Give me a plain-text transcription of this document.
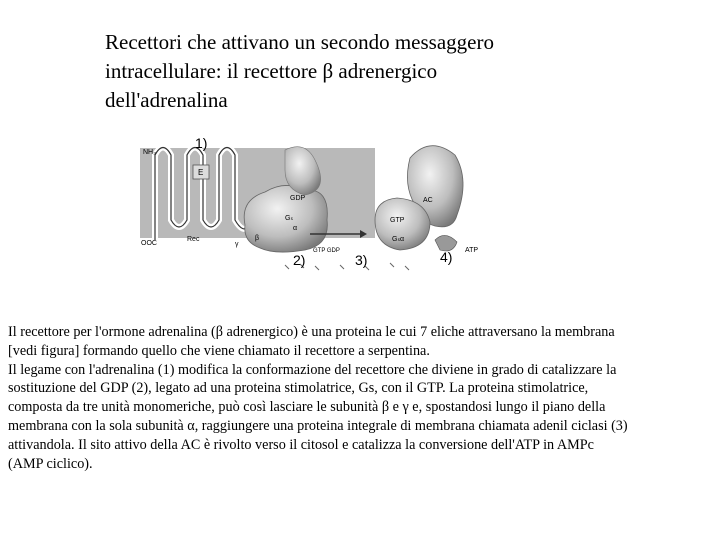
Recettori che attivano un secondo messaggero
intracellulare: il recettore β adrenergico
dell'adrenalina
1)
2)	3)	4)
NH₃
E
OOC
Rec
GDP
Gₛ
α
β
γ
GTP GDP
AC
GTP
Gₛα
ATP
Il recettore per l'ormone adrenalina (β adrenergico) è una proteina le cui 7 eliche attraversano la membrana
[vedi figura] formando quello che viene chiamato il recettore a serpentina.
Il legame con l'adrenalina (1) modifica la conformazione del recettore che diviene in grado di catalizzare la
sostituzione del GDP (2), legato ad una proteina stimolatrice, Gs, con il GTP. La proteina stimolatrice,
composta da tre unità monomeriche, può così lasciare le subunità β e γ e, spostandosi lungo il piano della
membrana con la sola subunità α, raggiungere una proteina integrale di membrana chiamata adenil ciclasi (3)
attivandola. Il sito attivo della AC è rivolto verso il citosol e catalizza la conversione dell'ATP in AMPc
(AMP ciclico).
